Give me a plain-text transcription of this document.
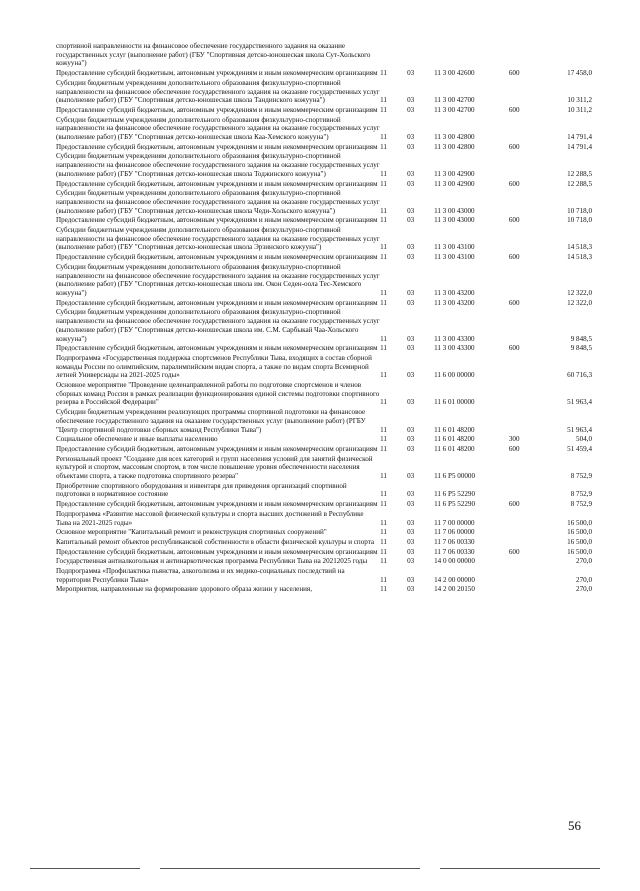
спортивной направленности на финансовое обеспечение государственного задания на оказание государственных услуг (выполнение работ) (ГБУ "Спортивная детско-юношеская школа Сут-Хольского кожууна")					
Предоставление субсидий бюджетным, автономным учреждениям и иным некоммерческим организациям	11	03	11 3 00 42600	600	17 458,0
Субсидии бюджетным учреждениям дополнительного образования физкультурно-спортивной направленности на финансовое обеспечение государственного задания на оказание государственных услуг (выполнение работ) (ГБУ "Спортивная детско-юношеская школа Тандинского кожууна")	11	03	11 3 00 42700		10 311,2
Предоставление субсидий бюджетным, автономным учреждениям и иным некоммерческим организациям	11	03	11 3 00 42700	600	10 311,2
Субсидии бюджетным учреждениям дополнительного образования физкультурно-спортивной направленности на финансовое обеспечение государственного задания на оказание государственных услуг (выполнение работ) (ГБУ "Спортивная детско-юношеская школа Каа-Хемского кожууна")	11	03	11 3 00 42800		14 791,4
Предоставление субсидий бюджетным, автономным учреждениям и иным некоммерческим организациям	11	03	11 3 00 42800	600	14 791,4
Субсидии бюджетным учреждениям дополнительного образования физкультурно-спортивной направленности на финансовое обеспечение государственного задания на оказание государственных услуг (выполнение работ) (ГБУ "Спортивная детско-юношеская школа Тоджинского кожууна")	11	03	11 3 00 42900		12 288,5
Предоставление субсидий бюджетным, автономным учреждениям и иным некоммерческим организациям	11	03	11 3 00 42900	600	12 288,5
Субсидии бюджетным учреждениям дополнительного образования физкультурно-спортивной направленности на финансовое обеспечение государственного задания на оказание государственных услуг (выполнение работ) (ГБУ "Спортивная детско-юношеская школа Чеди-Хольского кожууна")	11	03	11 3 00 43000		10 718,0
Предоставление субсидий бюджетным, автономным учреждениям и иным некоммерческим организациям	11	03	11 3 00 43000	600	10 718,0
Субсидии бюджетным учреждениям дополнительного образования физкультурно-спортивной направленности на финансовое обеспечение государственного задания на оказание государственных услуг (выполнение работ) (ГБУ "Спортивная детско-юношеская школа Эрзинского кожууна")	11	03	11 3 00 43100		14 518,3
Предоставление субсидий бюджетным, автономным учреждениям и иным некоммерческим организациям	11	03	11 3 00 43100	600	14 518,3
Субсидии бюджетным учреждениям дополнительного образования физкультурно-спортивной направленности на финансовое обеспечение государственного задания на оказание государственных услуг (выполнение работ) (ГБУ "Спортивная детско-юношеская школа им. Окон Седен-оола Тес-Хемского кожууна")	11	03	11 3 00 43200		12 322,0
Предоставление субсидий бюджетным, автономным учреждениям и иным некоммерческим организациям	11	03	11 3 00 43200	600	12 322,0
Субсидии бюджетным учреждениям дополнительного образования физкультурно-спортивной направленности на финансовое обеспечение государственного задания на оказание государственных услуг (выполнение работ) (ГБУ "Спортивная детско-юношеская школа им. С.М. Сарбыкай Чаа-Хольского кожууна")	11	03	11 3 00 43300		9 848,5
Предоставление субсидий бюджетным, автономным учреждениям и иным некоммерческим организациям	11	03	11 3 00 43300	600	9 848,5
Подпрограмма «Государственная поддержка спортсменов Республики Тыва, входящих в состав сборной команды России по олимпийским, паралимпийским видам спорта, а также по видам спорта Всемирной летней Универсиады на 2021-2025 годы»	11	03	11 6 00 00000		60 716,3
Основное мероприятие "Проведение целенаправленной работы по подготовке спортсменов и членов сборных команд России в рамках реализации функционирования единой системы подготовки спортивного резерва в Российской Федерации"	11	03	11 6 01 00000		51 963,4
Субсидии бюджетным учреждениям реализующих программы спортивной подготовки на финансовое обеспечение государственного задания на оказание государственных услуг (выполнение работ) (РГБУ "Центр спортивной подготовки сборных команд Республики Тыва")	11	03	11 6 01 48200		51 963,4
Социальное обеспечение и иные выплаты населению	11	03	11 6 01 48200	300	504,0
Предоставление субсидий бюджетным, автономным учреждениям и иным некоммерческим организациям	11	03	11 6 01 48200	600	51 459,4
Региональный проект "Создание для всех категорий и групп населения условий для занятий физической культурой и спортом, массовым спортом, в том числе повышение уровня обеспеченности населения объектами спорта, а также подготовка спортивного резерва"	11	03	11 6 P5 00000		8 752,9
Приобретение спортивного оборудования и инвентаря для приведения организаций спортивной подготовки в нормативное состояние	11	03	11 6 P5 52290		8 752,9
Предоставление субсидий бюджетным, автономным учреждениям и иным некоммерческим организациям	11	03	11 6 P5 52290	600	8 752,9
Подпрограмма «Развитие массовой физической культуры и спорта высших достижений в Республике Тыва на 2021-2025 годы»	11	03	11 7 00 00000		16 500,0
Основное мероприятие "Капитальный ремонт и реконструкция спортивных сооружений"	11	03	11 7 06 00000		16 500,0
Капитальный ремонт объектов республиканской собственности в области физической культуры и спорта	11	03	11 7 06 00330		16 500,0
Предоставление субсидий бюджетным, автономным учреждениям и иным некоммерческим организациям	11	03	11 7 06 00330	600	16 500,0
Государственная антиалкогольная и антинаркотическая программа Республики Тыва на 20212025 годы	11	03	14 0 00 00000		270,0
Подпрограмма «Профилактика пьянства, алкоголизма и их медико-социальных последствий на территории Республики Тыва»	11	03	14 2 00 00000		270,0
Мероприятия, направленные на формирование здорового образа жизни у населения,	11	03	14 2 00 20150		270,0
56
